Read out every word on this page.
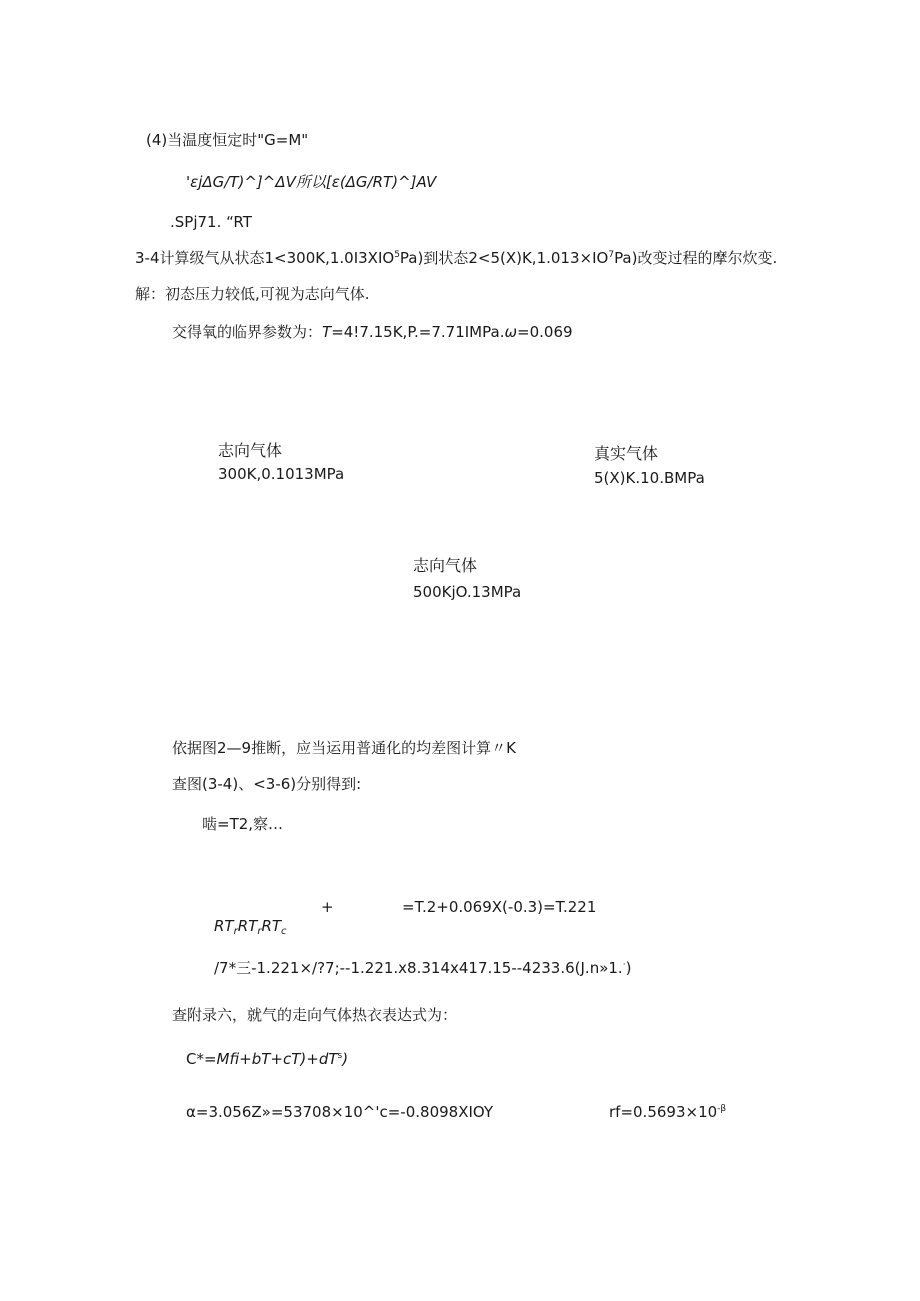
(4)当温度恒定时"G=M"
'εjΔG∕T)^]^ΔV所以[ε(ΔG∕RT)^]AV
.SPj71. “RT
3-4计算级气从状态$1<300K,1.0I3XIO^5Pa$)到状态$2<5(X)K,1.013\times IO^7Pa$)改变过程的摩尔炊变.
解：初态压力较低,可视为志向气体.
交得氧的临界参数为：T=4!7.15K,P.=7.71IMPa.ω=0.069
志向气体
300K,0.1013MPa
真实气体
5(X)K.10.BMPa
志向气体
500KjO.13MPa
依据图2—9推断，应当运用普通化的均差图计算〃K
查图(3-4)、<3-6)分别得到:
啮=T2,察…
+	=T.2+0.069X(-0.3)=T.221
$RT_rRT_rRT_c$
/7*三-1.221×/?7;--1.221.x8.314x417.15--4233.6(J.n»1.·)
查附录六，就气的走向气体热衣表达式为：
$C*=Mfi+bT+cT)+dT^s$)
α=3.056Z»=53708×10^'c=-0.8098XIOY	$rf=0.5693\times 10^{-\beta}$
